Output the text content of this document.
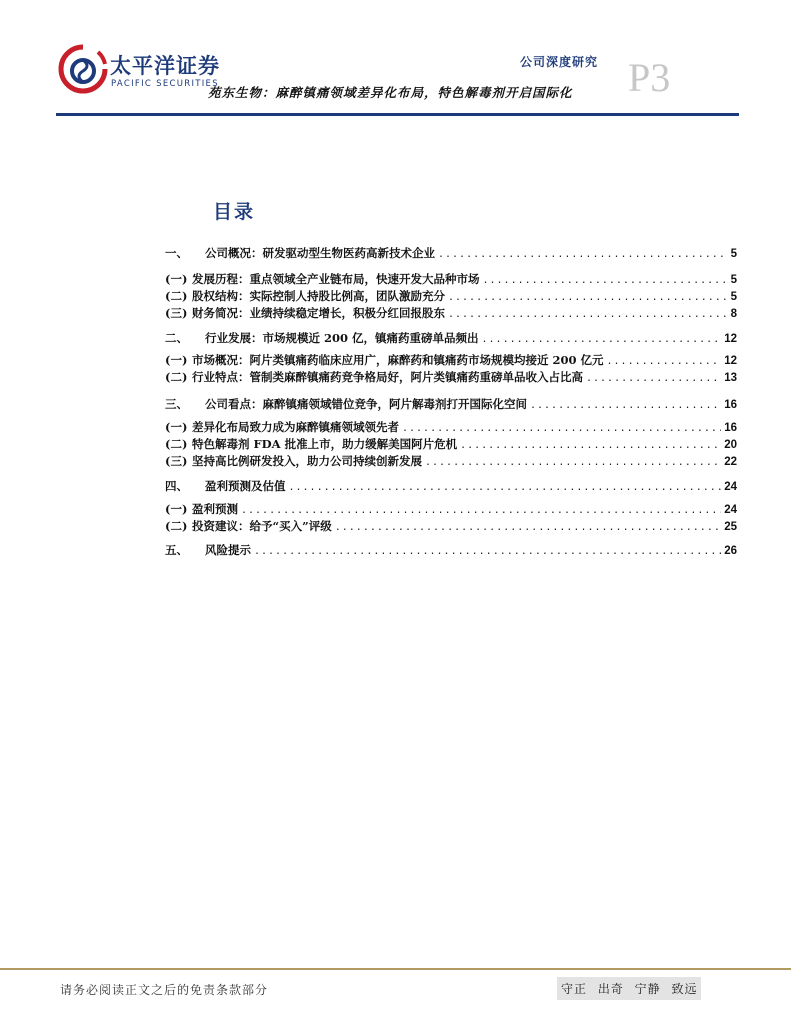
太平洋证券
PACIFIC SECURITIES
公司深度研究 P3
苑东生物：麻醉镇痛领域差异化布局，特色解毒剂开启国际化
目录
一、 公司概况：研发驱动型生物医药高新技术企业 .....	5
(一) 发展历程：重点领域全产业链布局，快速开发大品种市场 .....	5
(二) 股权结构：实际控制人持股比例高，团队激励充分 .....	5
(三) 财务简况：业绩持续稳定增长，积极分红回报股东 .....	8
二、 行业发展：市场规模近 200 亿，镇痛药重磅单品频出 .....	12
(一) 市场概况：阿片类镇痛药临床应用广，麻醉药和镇痛药市场规模均接近 200 亿元 .....	12
(二) 行业特点：管制类麻醉镇痛药竞争格局好，阿片类镇痛药重磅单品收入占比高 .....	13
三、 公司看点：麻醉镇痛领域错位竞争，阿片解毒剂打开国际化空间 .....	16
(一) 差异化布局致力成为麻醉镇痛领域领先者 .....	16
(二) 特色解毒剂 FDA 批准上市，助力缓解美国阿片危机 .....	20
(三) 坚持高比例研发投入，助力公司持续创新发展 .....	22
四、 盈利预测及估值 .....	24
(一) 盈利预测 .....	24
(二) 投资建议：给予“买入”评级 .....	25
五、 风险提示 .....	26
请务必阅读正文之后的免责条款部分	守正 出奇 宁静 致远
